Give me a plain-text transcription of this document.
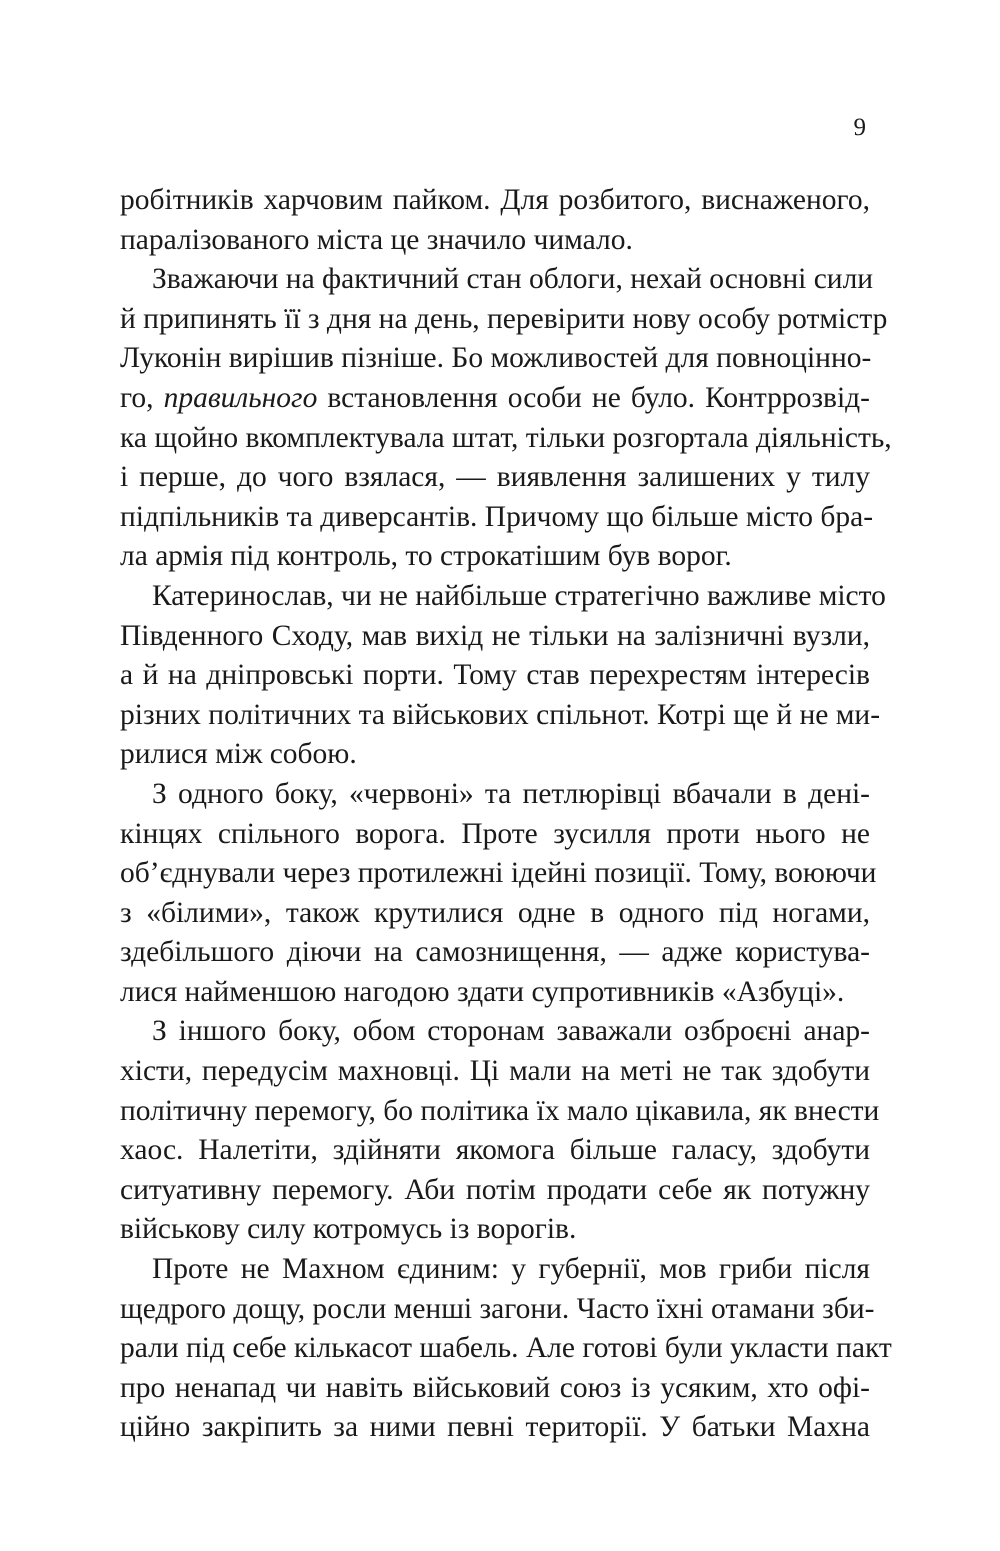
9

робітників харчовим пайком. Для розбитого, виснаженого,
паралізованого міста це значило чимало.

Зважаючи на фактичний стан облоги, нехай основні сили
й припинять її з дня на день, перевірити нову особу ротмістр
Луконін вирішив пізніше. Бо можливостей для повноцінно-
го, правильного встановлення особи не було. Контррозвід-
ка щойно вкомплектувала штат, тільки розгортала діяльність,
і перше, до чого взялася, — виявлення залишених у тилу
підпільників та диверсантів. Причому що більше місто бра-
ла армія під контроль, то строкатішим був ворог.

Катеринослав, чи не найбільше стратегічно важливе місто
Південного Сходу, мав вихід не тільки на залізничні вузли,
а й на дніпровські порти. Тому став перехрестям інтересів
різних політичних та військових спільнот. Котрі ще й не ми-
рилися між собою.

З одного боку, «червоні» та петлюрівці вбачали в дені-
кінцях спільного ворога. Проте зусилля проти нього не
об’єднували через протилежні ідейні позиції. Тому, воюючи
з «білими», також крутилися одне в одного під ногами,
здебільшого діючи на самознищення, — адже користува-
лися найменшою нагодою здати супротивників «Азбуці».

З іншого боку, обом сторонам заважали озброєні анар-
хісти, передусім махновці. Ці мали на меті не так здобути
політичну перемогу, бо політика їх мало цікавила, як внести
хаос. Налетіти, здійняти якомога більше галасу, здобути
ситуативну перемогу. Аби потім продати себе як потужну
військову силу котромусь із ворогів.

Проте не Махном єдиним: у губернії, мов гриби після
щедрого дощу, росли менші загони. Часто їхні отамани зби-
рали під себе кількасот шабель. Але готові були укласти пакт
про ненапад чи навіть військовий союз із усяким, хто офі-
ційно закріпить за ними певні території. У батьки Махна
